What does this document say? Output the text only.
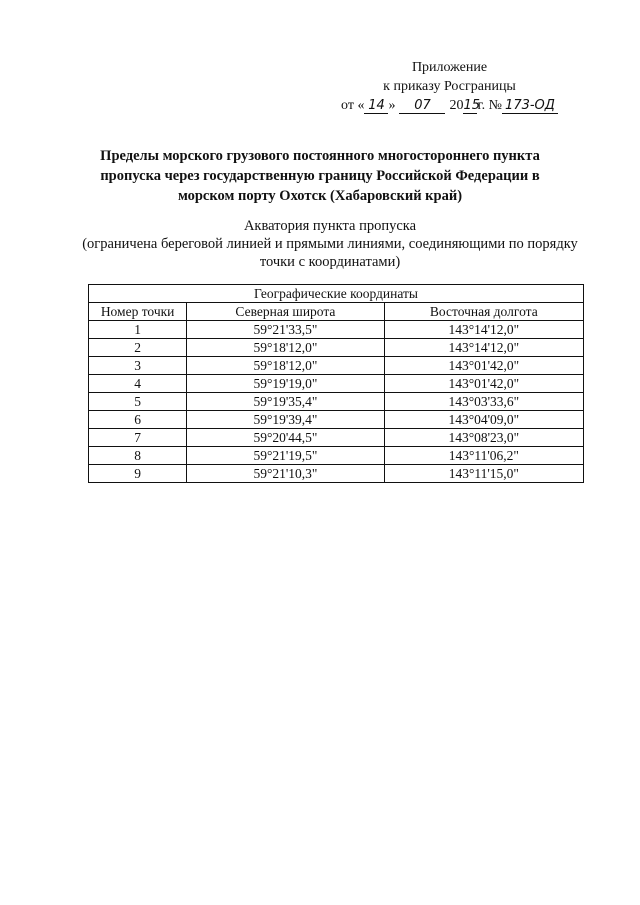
Приложение
к приказу Росграницы
от « 14 » 07 2015г. № 173-ОД
Пределы морского грузового постоянного многостороннего пункта
пропуска через государственную границу Российской Федерации в
морском порту Охотск (Хабаровский край)
Акватория пункта пропуска
(ограничена береговой линией и прямыми линиями, соединяющими по порядку
точки с координатами)
Географические координаты		
Номер точки	Северная широта	Восточная долгота
1	59°21'33,5"	143°14'12,0"
2	59°18'12,0"	143°14'12,0"
3	59°18'12,0"	143°01'42,0"
4	59°19'19,0"	143°01'42,0"
5	59°19'35,4"	143°03'33,6"
6	59°19'39,4"	143°04'09,0"
7	59°20'44,5"	143°08'23,0"
8	59°21'19,5"	143°11'06,2"
9	59°21'10,3"	143°11'15,0"
